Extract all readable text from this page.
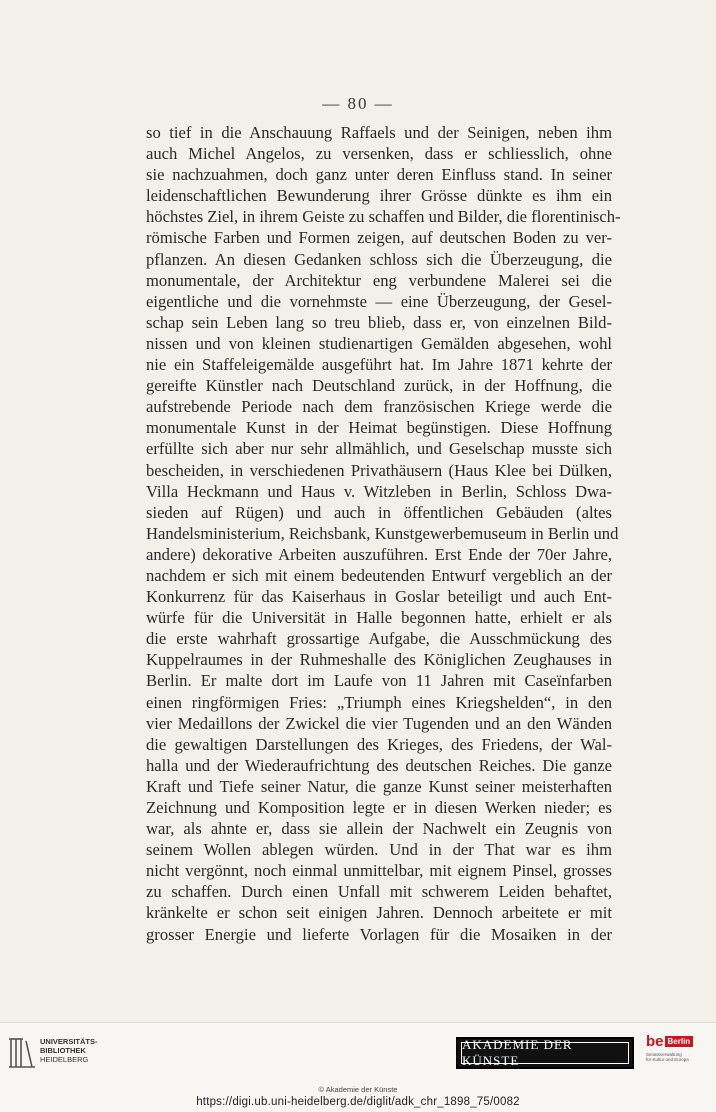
— 80 —
so tief in die Anschauung Raffaels und der Seinigen, neben ihm
auch Michel Angelos, zu versenken, dass er schliesslich, ohne
sie nachzuahmen, doch ganz unter deren Einfluss stand. In seiner
leidenschaftlichen Bewunderung ihrer Grösse dünkte es ihm ein
höchstes Ziel, in ihrem Geiste zu schaffen und Bilder, die florentinisch-
römische Farben und Formen zeigen, auf deutschen Boden zu ver-
pflanzen. An diesen Gedanken schloss sich die Überzeugung, die
monumentale, der Architektur eng verbundene Malerei sei die
eigentliche und die vornehmste — eine Überzeugung, der Gesel-
schap sein Leben lang so treu blieb, dass er, von einzelnen Bild-
nissen und von kleinen studienartigen Gemälden abgesehen, wohl
nie ein Staffeleigemälde ausgeführt hat. Im Jahre 1871 kehrte der
gereifte Künstler nach Deutschland zurück, in der Hoffnung, die
aufstrebende Periode nach dem französischen Kriege werde die
monumentale Kunst in der Heimat begünstigen. Diese Hoffnung
erfüllte sich aber nur sehr allmählich, und Geselschap musste sich
bescheiden, in verschiedenen Privathäusern (Haus Klee bei Dülken,
Villa Heckmann und Haus v. Witzleben in Berlin, Schloss Dwa-
sieden auf Rügen) und auch in öffentlichen Gebäuden (altes
Handelsministerium, Reichsbank, Kunstgewerbemuseum in Berlin und
andere) dekorative Arbeiten auszuführen. Erst Ende der 70er Jahre,
nachdem er sich mit einem bedeutenden Entwurf vergeblich an der
Konkurrenz für das Kaiserhaus in Goslar beteiligt und auch Ent-
würfe für die Universität in Halle begonnen hatte, erhielt er als
die erste wahrhaft grossartige Aufgabe, die Ausschmückung des
Kuppelraumes in der Ruhmeshalle des Königlichen Zeughauses in
Berlin. Er malte dort im Laufe von 11 Jahren mit Caseïnfarben
einen ringförmigen Fries: „Triumph eines Kriegshelden“, in den
vier Medaillons der Zwickel die vier Tugenden und an den Wänden
die gewaltigen Darstellungen des Krieges, des Friedens, der Wal-
halla und der Wiederaufrichtung des deutschen Reiches. Die ganze
Kraft und Tiefe seiner Natur, die ganze Kunst seiner meisterhaften
Zeichnung und Komposition legte er in diesen Werken nieder; es
war, als ahnte er, dass sie allein der Nachwelt ein Zeugnis von
seinem Wollen ablegen würden. Und in der That war es ihm
nicht vergönnt, noch einmal unmittelbar, mit eignem Pinsel, grosses
zu schaffen. Durch einen Unfall mit schwerem Leiden behaftet,
kränkelte er schon seit einigen Jahren. Dennoch arbeitete er mit
grosser Energie und lieferte Vorlagen für die Mosaiken in der
UNIVERSITÄTS-
BIBLIOTHEK
HEIDELBERG
AKADEMIE DER KÜNSTE
be Berlin
Senatsverwaltung
für Kultur und Europa
© Akademie der Künste
https://digi.ub.uni-heidelberg.de/diglit/adk_chr_1898_75/0082
